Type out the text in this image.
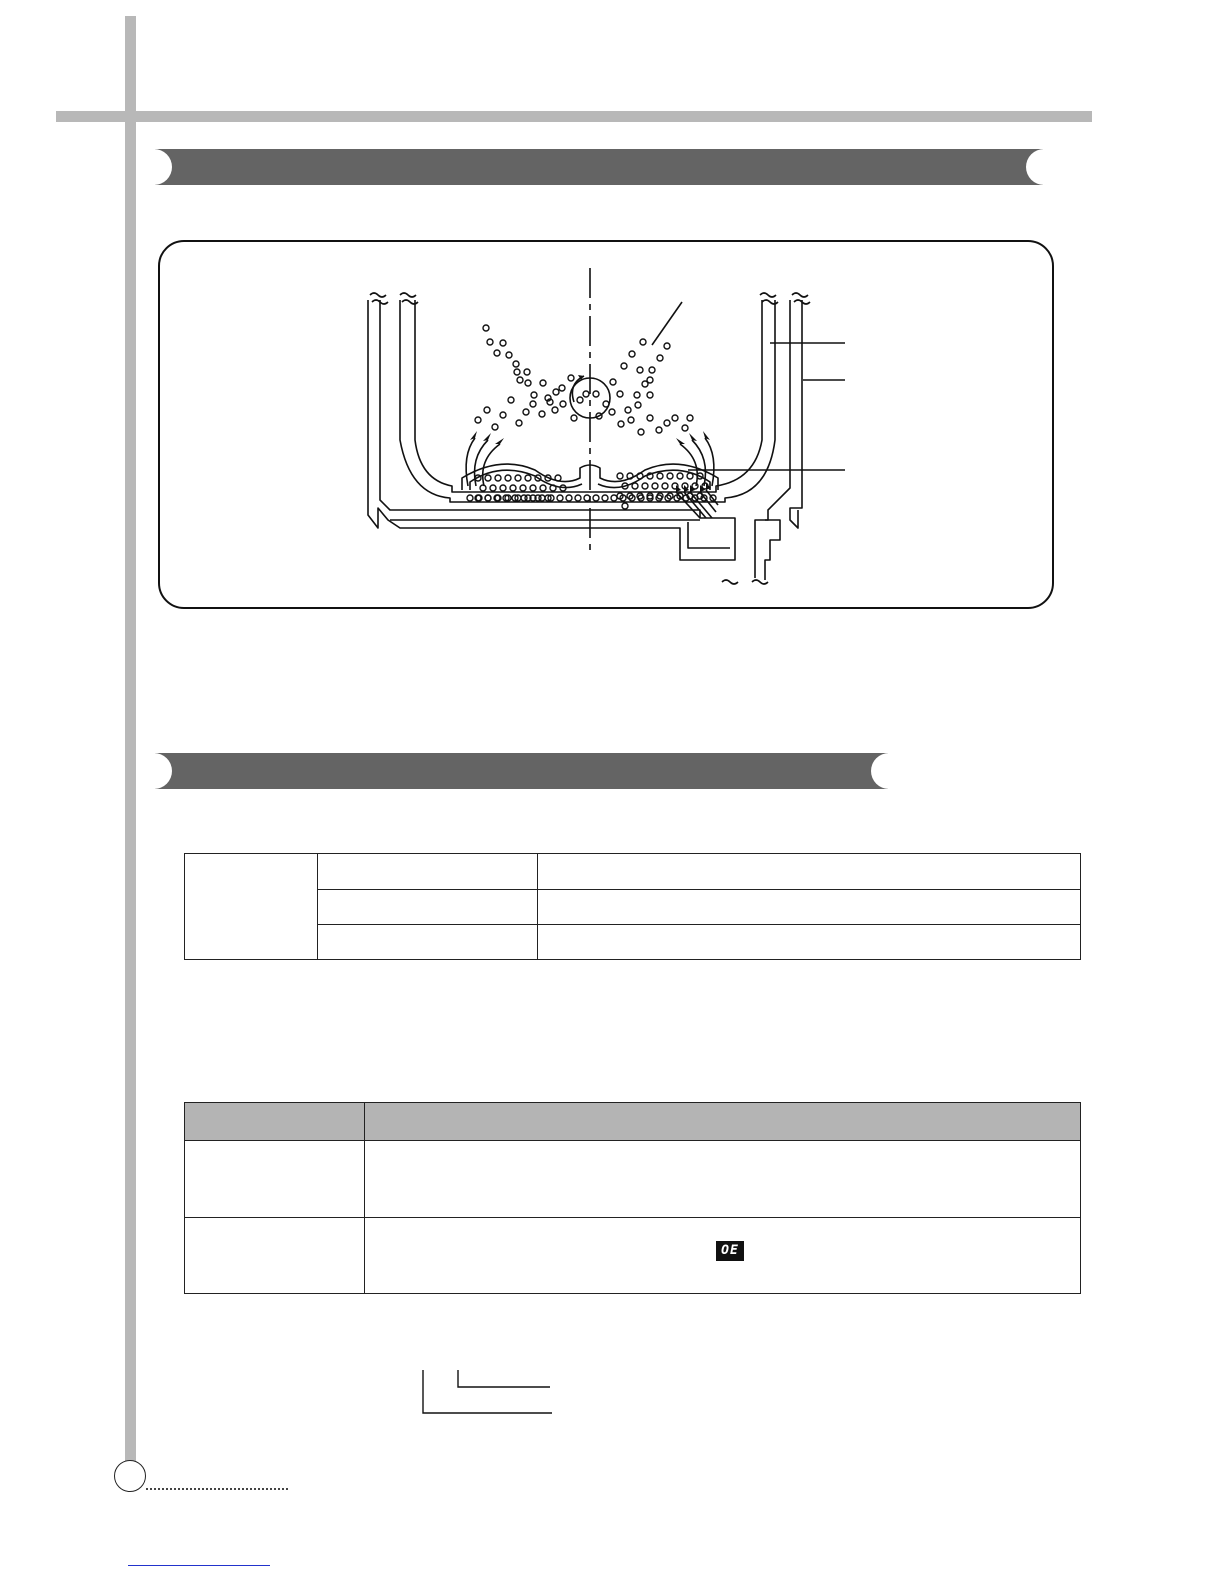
OE
